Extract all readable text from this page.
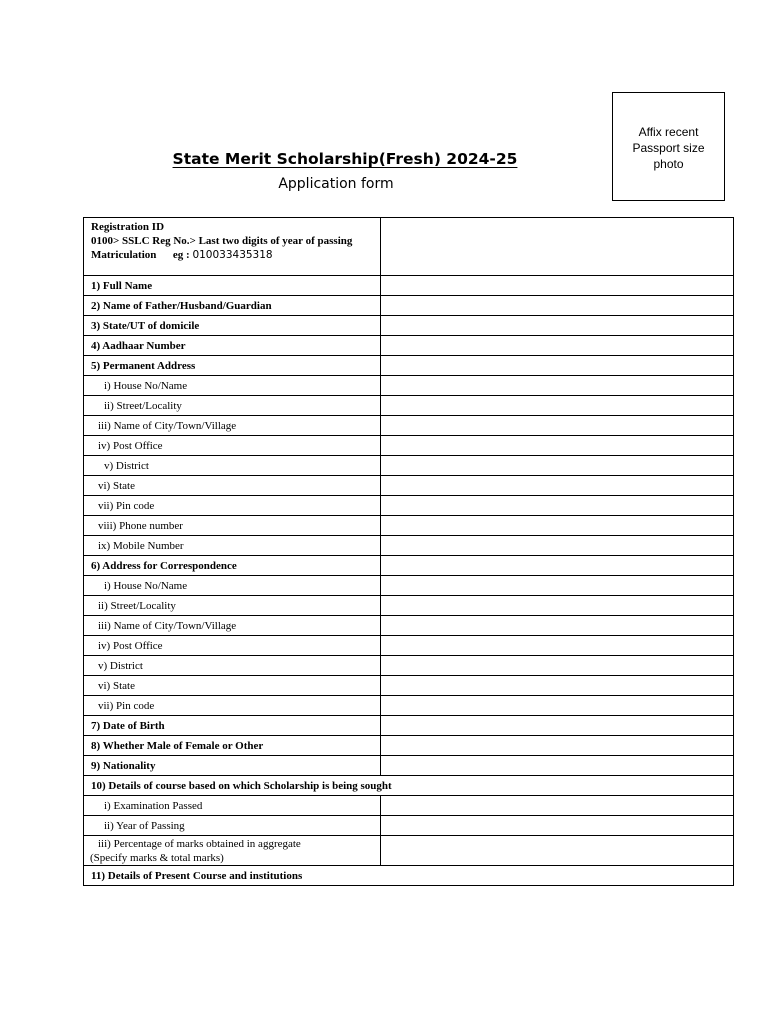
Affix recent
Passport size
photo
State Merit Scholarship(Fresh) 2024-25
Application form
Registration ID
0100> SSLC Reg No.> Last two digits of year of passing Matriculation eg : 010033435318	

1) Full Name	
2) Name of Father/Husband/Guardian	
3) State/UT of domicile	
4) Aadhaar Number	
5) Permanent Address	
i) House No/Name	
ii) Street/Locality	
iii) Name of City/Town/Village	
iv) Post Office	
v) District	
vi) State	
vii) Pin code	
viii) Phone number	
ix) Mobile Number	
6) Address for Correspondence	
i) House No/Name	
ii) Street/Locality	
iii) Name of City/Town/Village	
iv) Post Office	
v) District	
vi) State	
vii) Pin code	
7) Date of Birth	
8) Whether Male of Female or Other	
9) Nationality	
10) Details of course based on which Scholarship is being sought	
i) Examination Passed	
ii) Year of Passing	

iii) Percentage of marks obtained in aggregate
(Specify marks & total marks)	

11) Details of Present Course and institutions	
